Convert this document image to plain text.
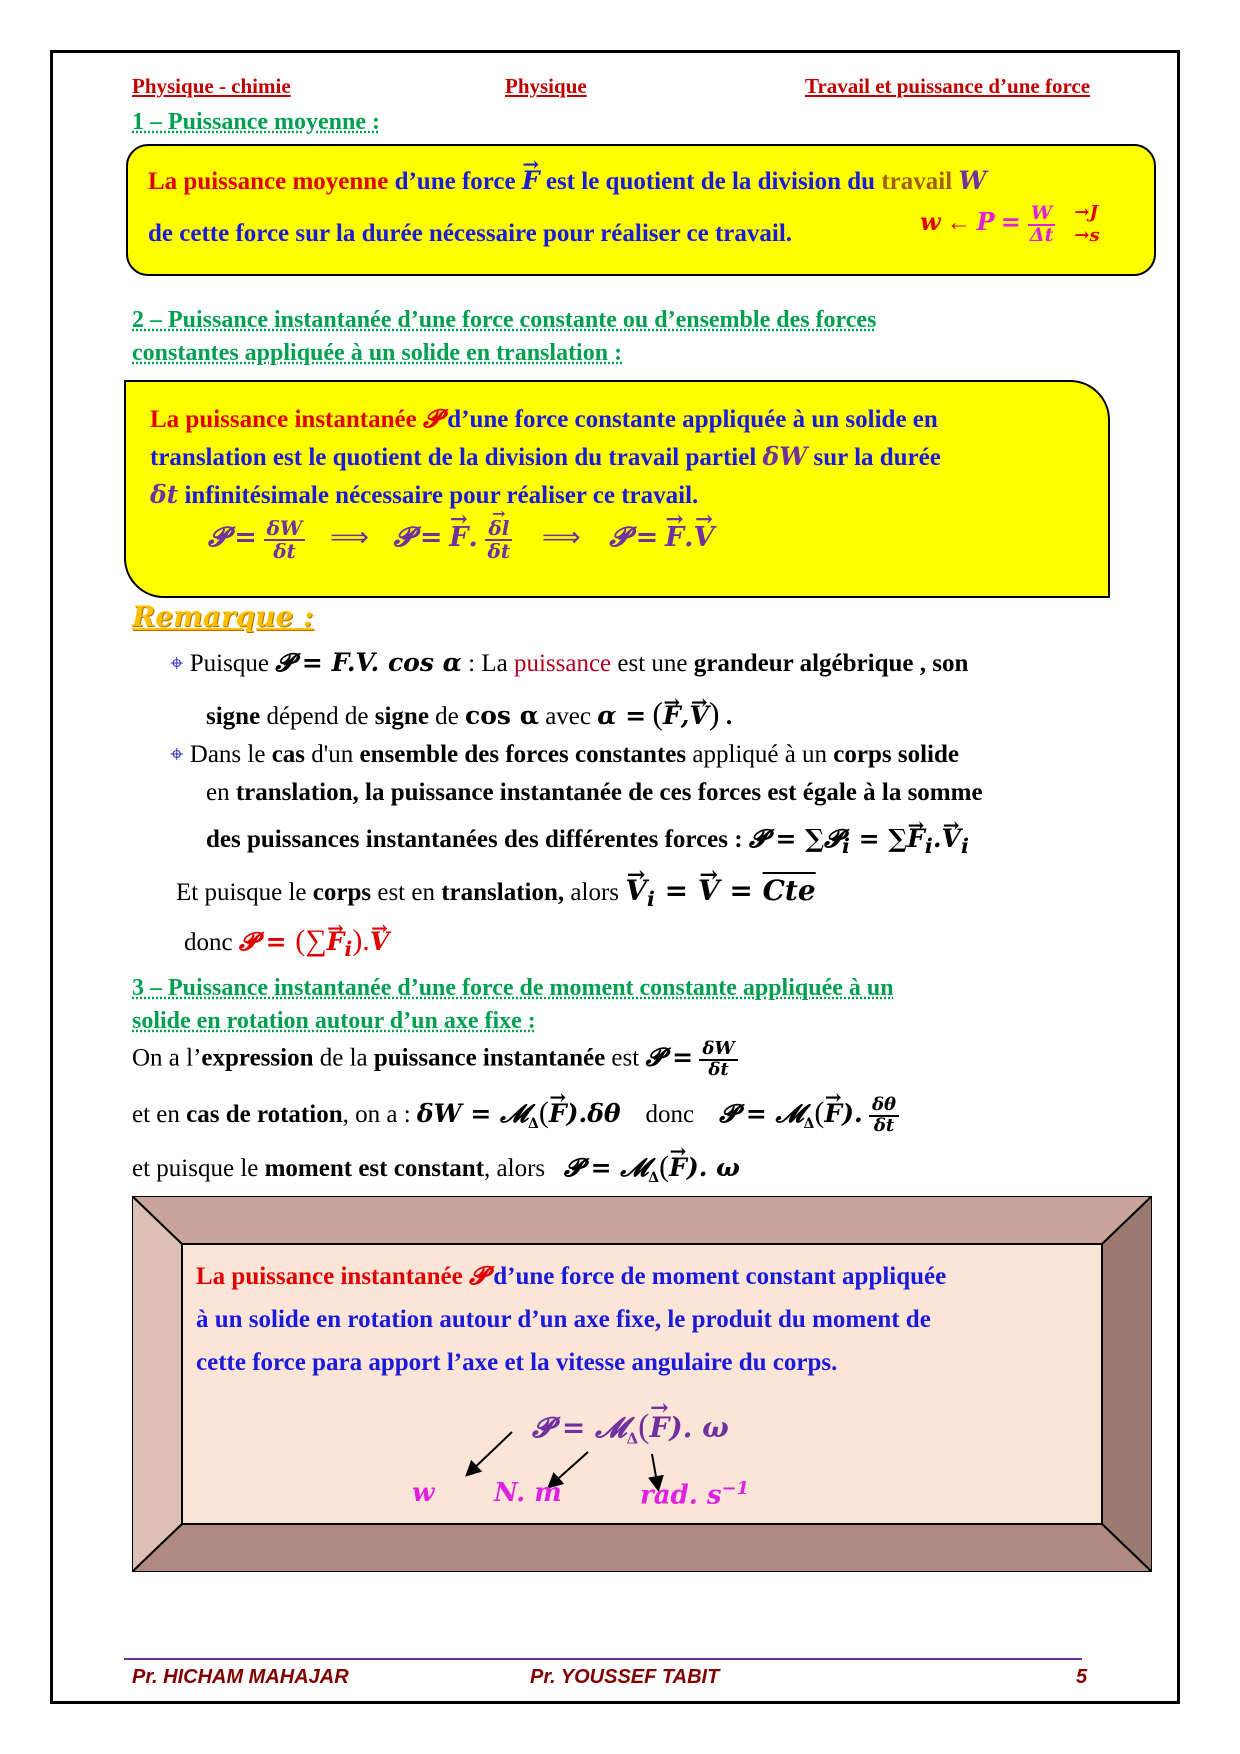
Physique - chimie	Physique	Travail et puissance d’une force
1 – Puissance moyenne :
La puissance moyenne d’une force → F est le quotient de la division du travail W
de cette force sur la durée nécessaire pour réaliser ce travail.	w ← $P = \frac{W}{\Delta t}$
→J
→s
2 – Puissance instantanée d’une force constante ou d’ensemble des forces
constantes appliquée à un solide en translation :
La puissance instantanée 𝓟 d’une force constante appliquée à un solide en
translation est le quotient de la division du travail partiel δW sur la durée
δt infinitésimale nécessaire pour réaliser ce travail.
𝓟 = $\frac{\delta W}{\delta t}$ ⟹ 𝓟 = → F. → $\frac{\delta l}{\delta t}$ ⟹ 𝓟 = → F.→ V
Remarque :
⌖ Puisque 𝓟 = F.V. cos α : La puissance est une grandeur algébrique , son
signe dépend de signe de cos α avec α = (→ F,→ V) .
⌖ Dans le cas d'un ensemble des forces constantes appliqué à un corps solide
en translation, la puissance instantanée de ces forces est égale à la somme
des puissances instantanées des différentes forces : 𝓟 = ∑𝓟$_i$ = ∑→ $F_i.\to V_i$
Et puisque le corps est en translation, alors → $V_i$ = → $V = \overline{Cte}$
donc 𝓟 = (∑→ $F_i).\to V$
3 – Puissance instantanée d’une force de moment constante appliquée à un
solide en rotation autour d’un axe fixe :
On a l’expression de la puissance instantanée est 𝓟 = $\frac{\delta W}{\delta t}$
et en cas de rotation, on a : δW = 𝓜$_\Delta$(→ F).δθ    donc    𝓟 = 𝓜$_\Delta$(→ F). $\frac{\delta\theta}{\delta t}$
et puisque le moment est constant, alors   𝓟 = 𝓜$_\Delta$(→ F). ω
La puissance instantanée 𝓟 d’une force de moment constant appliquée
à un solide en rotation autour d’un axe fixe, le produit du moment de
cette force para apport l’axe et la vitesse angulaire du corps.
𝓟 = 𝓜$_\Delta$(→ F). ω
w N. m	rad. $s^{-1}$
Pr. HICHAM MAHAJAR	Pr. YOUSSEF TABIT	5
